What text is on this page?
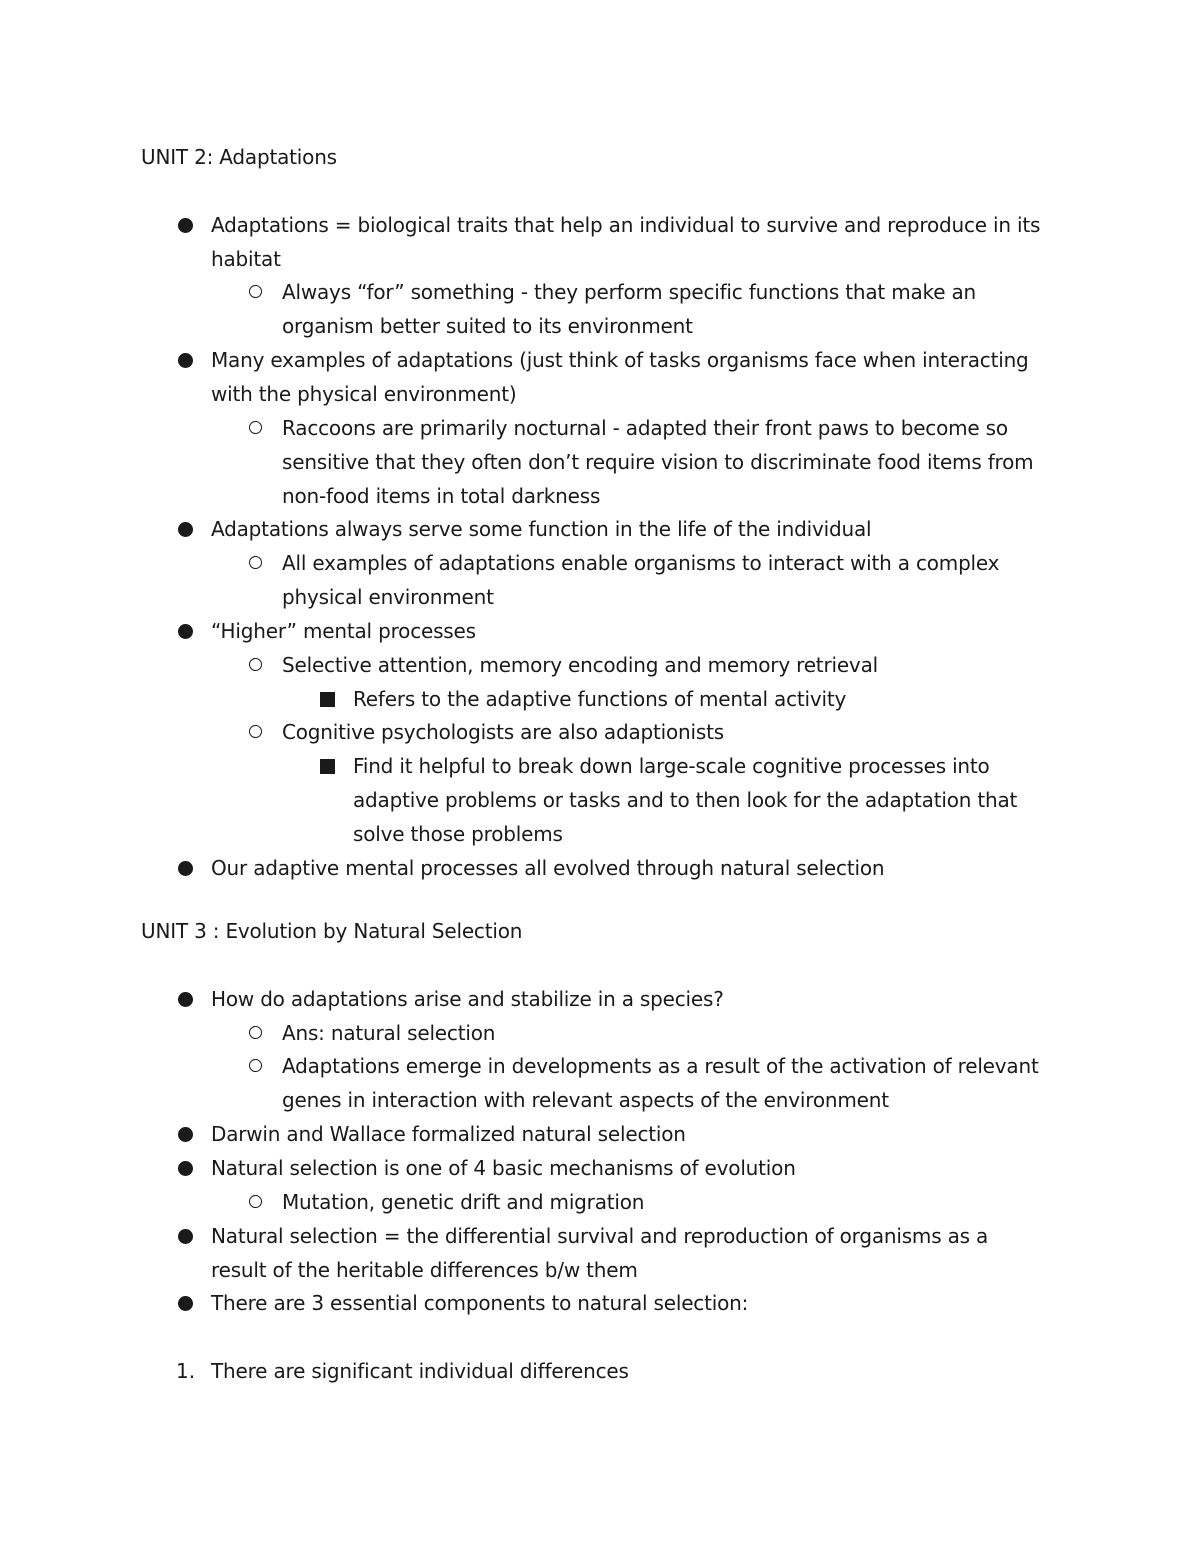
UNIT 2: Adaptations
Adaptations = biological traits that help an individual to survive and reproduce in its
habitat
Always “for” something - they perform specific functions that make an
organism better suited to its environment
Many examples of adaptations (just think of tasks organisms face when interacting
with the physical environment)
Raccoons are primarily nocturnal - adapted their front paws to become so
sensitive that they often don’t require vision to discriminate food items from
non-food items in total darkness
Adaptations always serve some function in the life of the individual
All examples of adaptations enable organisms to interact with a complex
physical environment
“Higher” mental processes
Selective attention, memory encoding and memory retrieval
Refers to the adaptive functions of mental activity
Cognitive psychologists are also adaptionists
Find it helpful to break down large-scale cognitive processes into
adaptive problems or tasks and to then look for the adaptation that
solve those problems
Our adaptive mental processes all evolved through natural selection
UNIT 3 : Evolution by Natural Selection
How do adaptations arise and stabilize in a species?
Ans: natural selection
Adaptations emerge in developments as a result of the activation of relevant
genes in interaction with relevant aspects of the environment
Darwin and Wallace formalized natural selection
Natural selection is one of 4 basic mechanisms of evolution
Mutation, genetic drift and migration
Natural selection = the differential survival and reproduction of organisms as a
result of the heritable differences b/w them
There are 3 essential components to natural selection:
1. There are significant individual differences
